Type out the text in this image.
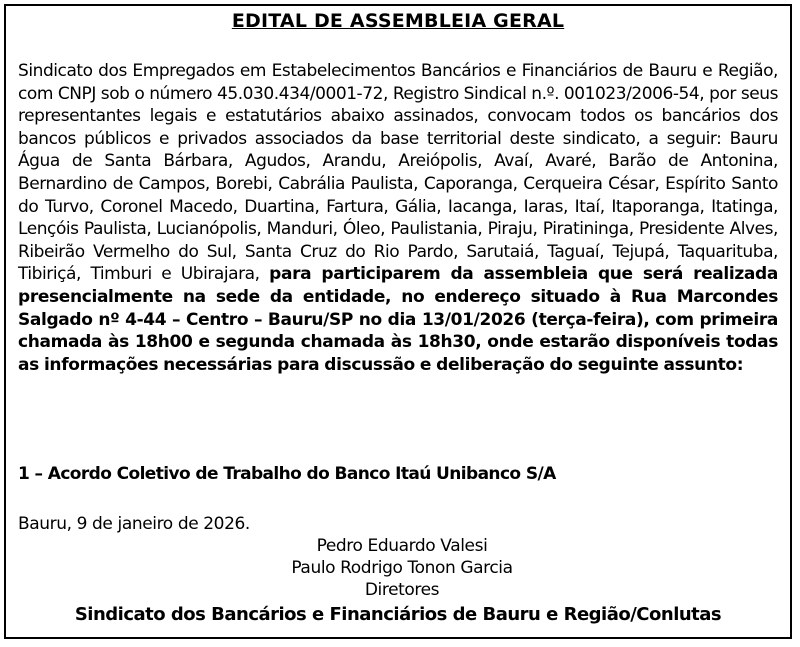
EDITAL DE ASSEMBLEIA GERAL
Sindicato dos Empregados em Estabelecimentos Bancários e Financiários de Bauru e Região, com CNPJ sob o número 45.030.434/0001-72, Registro Sindical n.º. 001023/2006-54, por seus representantes legais e estatutários abaixo assinados, convocam todos os bancários dos bancos públicos e privados associados da base territorial deste sindicato, a seguir: Bauru Água de Santa Bárbara, Agudos, Arandu, Areiópolis, Avaí, Avaré, Barão de Antonina, Bernardino de Campos, Borebi, Cabrália Paulista, Caporanga, Cerqueira César, Espírito Santo do Turvo, Coronel Macedo, Duartina, Fartura, Gália, Iacanga, Iaras, Itaí, Itaporanga, Itatinga, Lençóis Paulista, Lucianópolis, Manduri, Óleo, Paulistania, Piraju, Piratininga, Presidente Alves, Ribeirão Vermelho do Sul, Santa Cruz do Rio Pardo, Sarutaiá, Taguaí, Tejupá, Taquarituba, Tibiriçá, Timburi e Ubirajara, para participarem da assembleia que será realizada presencialmente na sede da entidade, no endereço situado à Rua Marcondes Salgado nº 4-44 – Centro – Bauru/SP no dia 13/01/2026 (terça-feira), com primeira chamada às 18h00 e segunda chamada às 18h30, onde estarão disponíveis todas as informações necessárias para discussão e deliberação do seguinte assunto:
1 – Acordo Coletivo de Trabalho do Banco Itaú Unibanco S/A
Bauru, 9 de janeiro de 2026.
Pedro Eduardo Valesi
Paulo Rodrigo Tonon Garcia
Diretores
Sindicato dos Bancários e Financiários de Bauru e Região/Conlutas
